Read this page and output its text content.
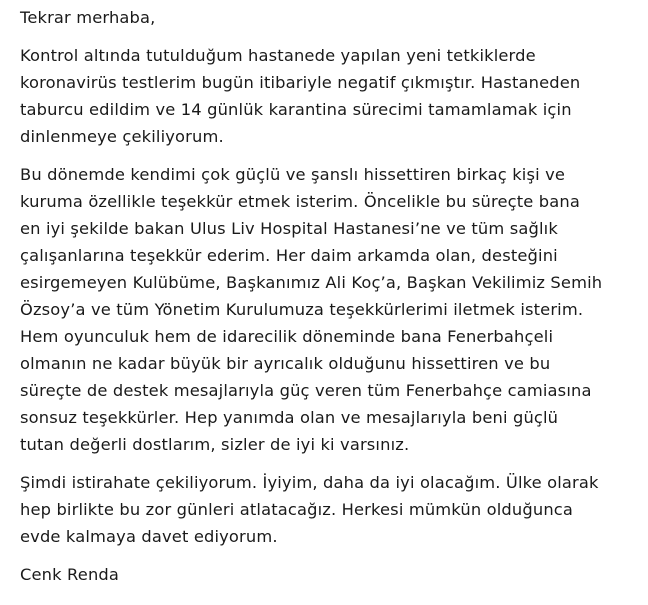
Tekrar merhaba,

Kontrol altında tutulduğum hastanede yapılan yeni tetkiklerde
koronavirüs testlerim bugün itibariyle negatif çıkmıştır. Hastaneden
taburcu edildim ve 14 günlük karantina sürecimi tamamlamak için
dinlenmeye çekiliyorum.

Bu dönemde kendimi çok güçlü ve şanslı hissettiren birkaç kişi ve
kuruma özellikle teşekkür etmek isterim. Öncelikle bu süreçte bana
en iyi şekilde bakan Ulus Liv Hospital Hastanesi’ne ve tüm sağlık
çalışanlarına teşekkür ederim. Her daim arkamda olan, desteğini
esirgemeyen Kulübüme, Başkanımız Ali Koç’a, Başkan Vekilimiz Semih
Özsoy’a ve tüm Yönetim Kurulumuza teşekkürlerimi iletmek isterim.
Hem oyunculuk hem de idarecilik döneminde bana Fenerbahçeli
olmanın ne kadar büyük bir ayrıcalık olduğunu hissettiren ve bu
süreçte de destek mesajlarıyla güç veren tüm Fenerbahçe camiasına
sonsuz teşekkürler. Hep yanımda olan ve mesajlarıyla beni güçlü
tutan değerli dostlarım, sizler de iyi ki varsınız.

Şimdi istirahate çekiliyorum. İyiyim, daha da iyi olacağım. Ülke olarak
hep birlikte bu zor günleri atlatacağız. Herkesi mümkün olduğunca
evde kalmaya davet ediyorum.

Cenk Renda
